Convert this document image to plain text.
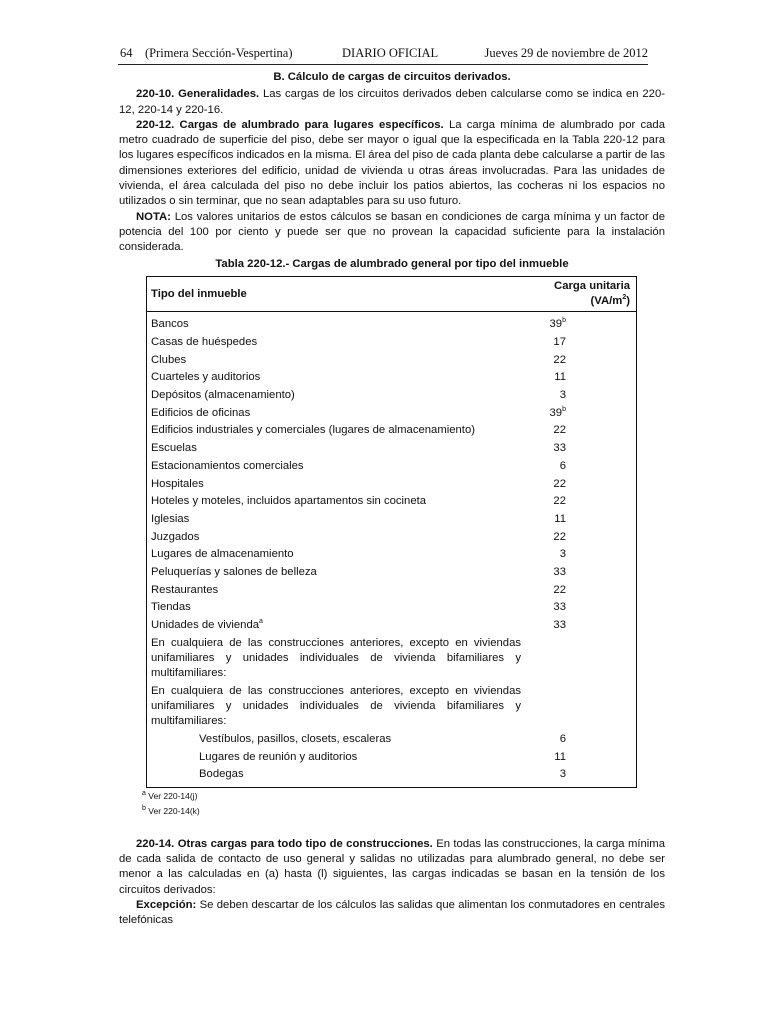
64 (Primera Sección-Vespertina)	DIARIO OFICIAL	Jueves 29 de noviembre de 2012
B. Cálculo de cargas de circuitos derivados.

220-10. Generalidades. Las cargas de los circuitos derivados deben calcularse como se indica en 220-12, 220-14 y 220-16.

220-12. Cargas de alumbrado para lugares específicos. La carga mínima de alumbrado por cada metro cuadrado de superficie del piso, debe ser mayor o igual que la especificada en la Tabla 220-12 para los lugares específicos indicados en la misma. El área del piso de cada planta debe calcularse a partir de las dimensiones exteriores del edificio, unidad de vivienda u otras áreas involucradas. Para las unidades de vivienda, el área calculada del piso no debe incluir los patios abiertos, las cocheras ni los espacios no utilizados o sin terminar, que no sean adaptables para su uso futuro.

NOTA: Los valores unitarios de estos cálculos se basan en condiciones de carga mínima y un factor de potencia del 100 por ciento y puede ser que no provean la capacidad suficiente para la instalación considerada.

Tabla 220-12.- Cargas de alumbrado general por tipo del inmueble
Tipo del inmueble	Carga unitaria $(VA/m^2)$
Bancos	39$^b$
Casas de huéspedes	17
Clubes	22
Cuarteles y auditorios	11
Depósitos (almacenamiento)	3
Edificios de oficinas	39$^b$
Edificios industriales y comerciales (lugares de almacenamiento)	22
Escuelas	33
Estacionamientos comerciales	6
Hospitales	22
Hoteles y moteles, incluidos apartamentos sin cocineta	22
Iglesias	11
Juzgados	22
Lugares de almacenamiento	3
Peluquerías y salones de belleza	33
Restaurantes	22
Tiendas	33
Unidades de vivienda$^a$	33
En cualquiera de las construcciones anteriores, excepto en viviendas unifamiliares y unidades individuales de vivienda bifamiliares y multifamiliares:	
En cualquiera de las construcciones anteriores, excepto en viviendas unifamiliares y unidades individuales de vivienda bifamiliares y multifamiliares:	
Vestíbulos, pasillos, closets, escaleras	6
Lugares de reunión y auditorios	11
Bodegas	3
$^a$ Ver 220-14(j)
$^b$ Ver 220-14(k)

220-14. Otras cargas para todo tipo de construcciones. En todas las construcciones, la carga mínima de cada salida de contacto de uso general y salidas no utilizadas para alumbrado general, no debe ser menor a las calculadas en (a) hasta (l) siguientes, las cargas indicadas se basan en la tensión de los circuitos derivados:

Excepción: Se deben descartar de los cálculos las salidas que alimentan los conmutadores en centrales telefónicas
